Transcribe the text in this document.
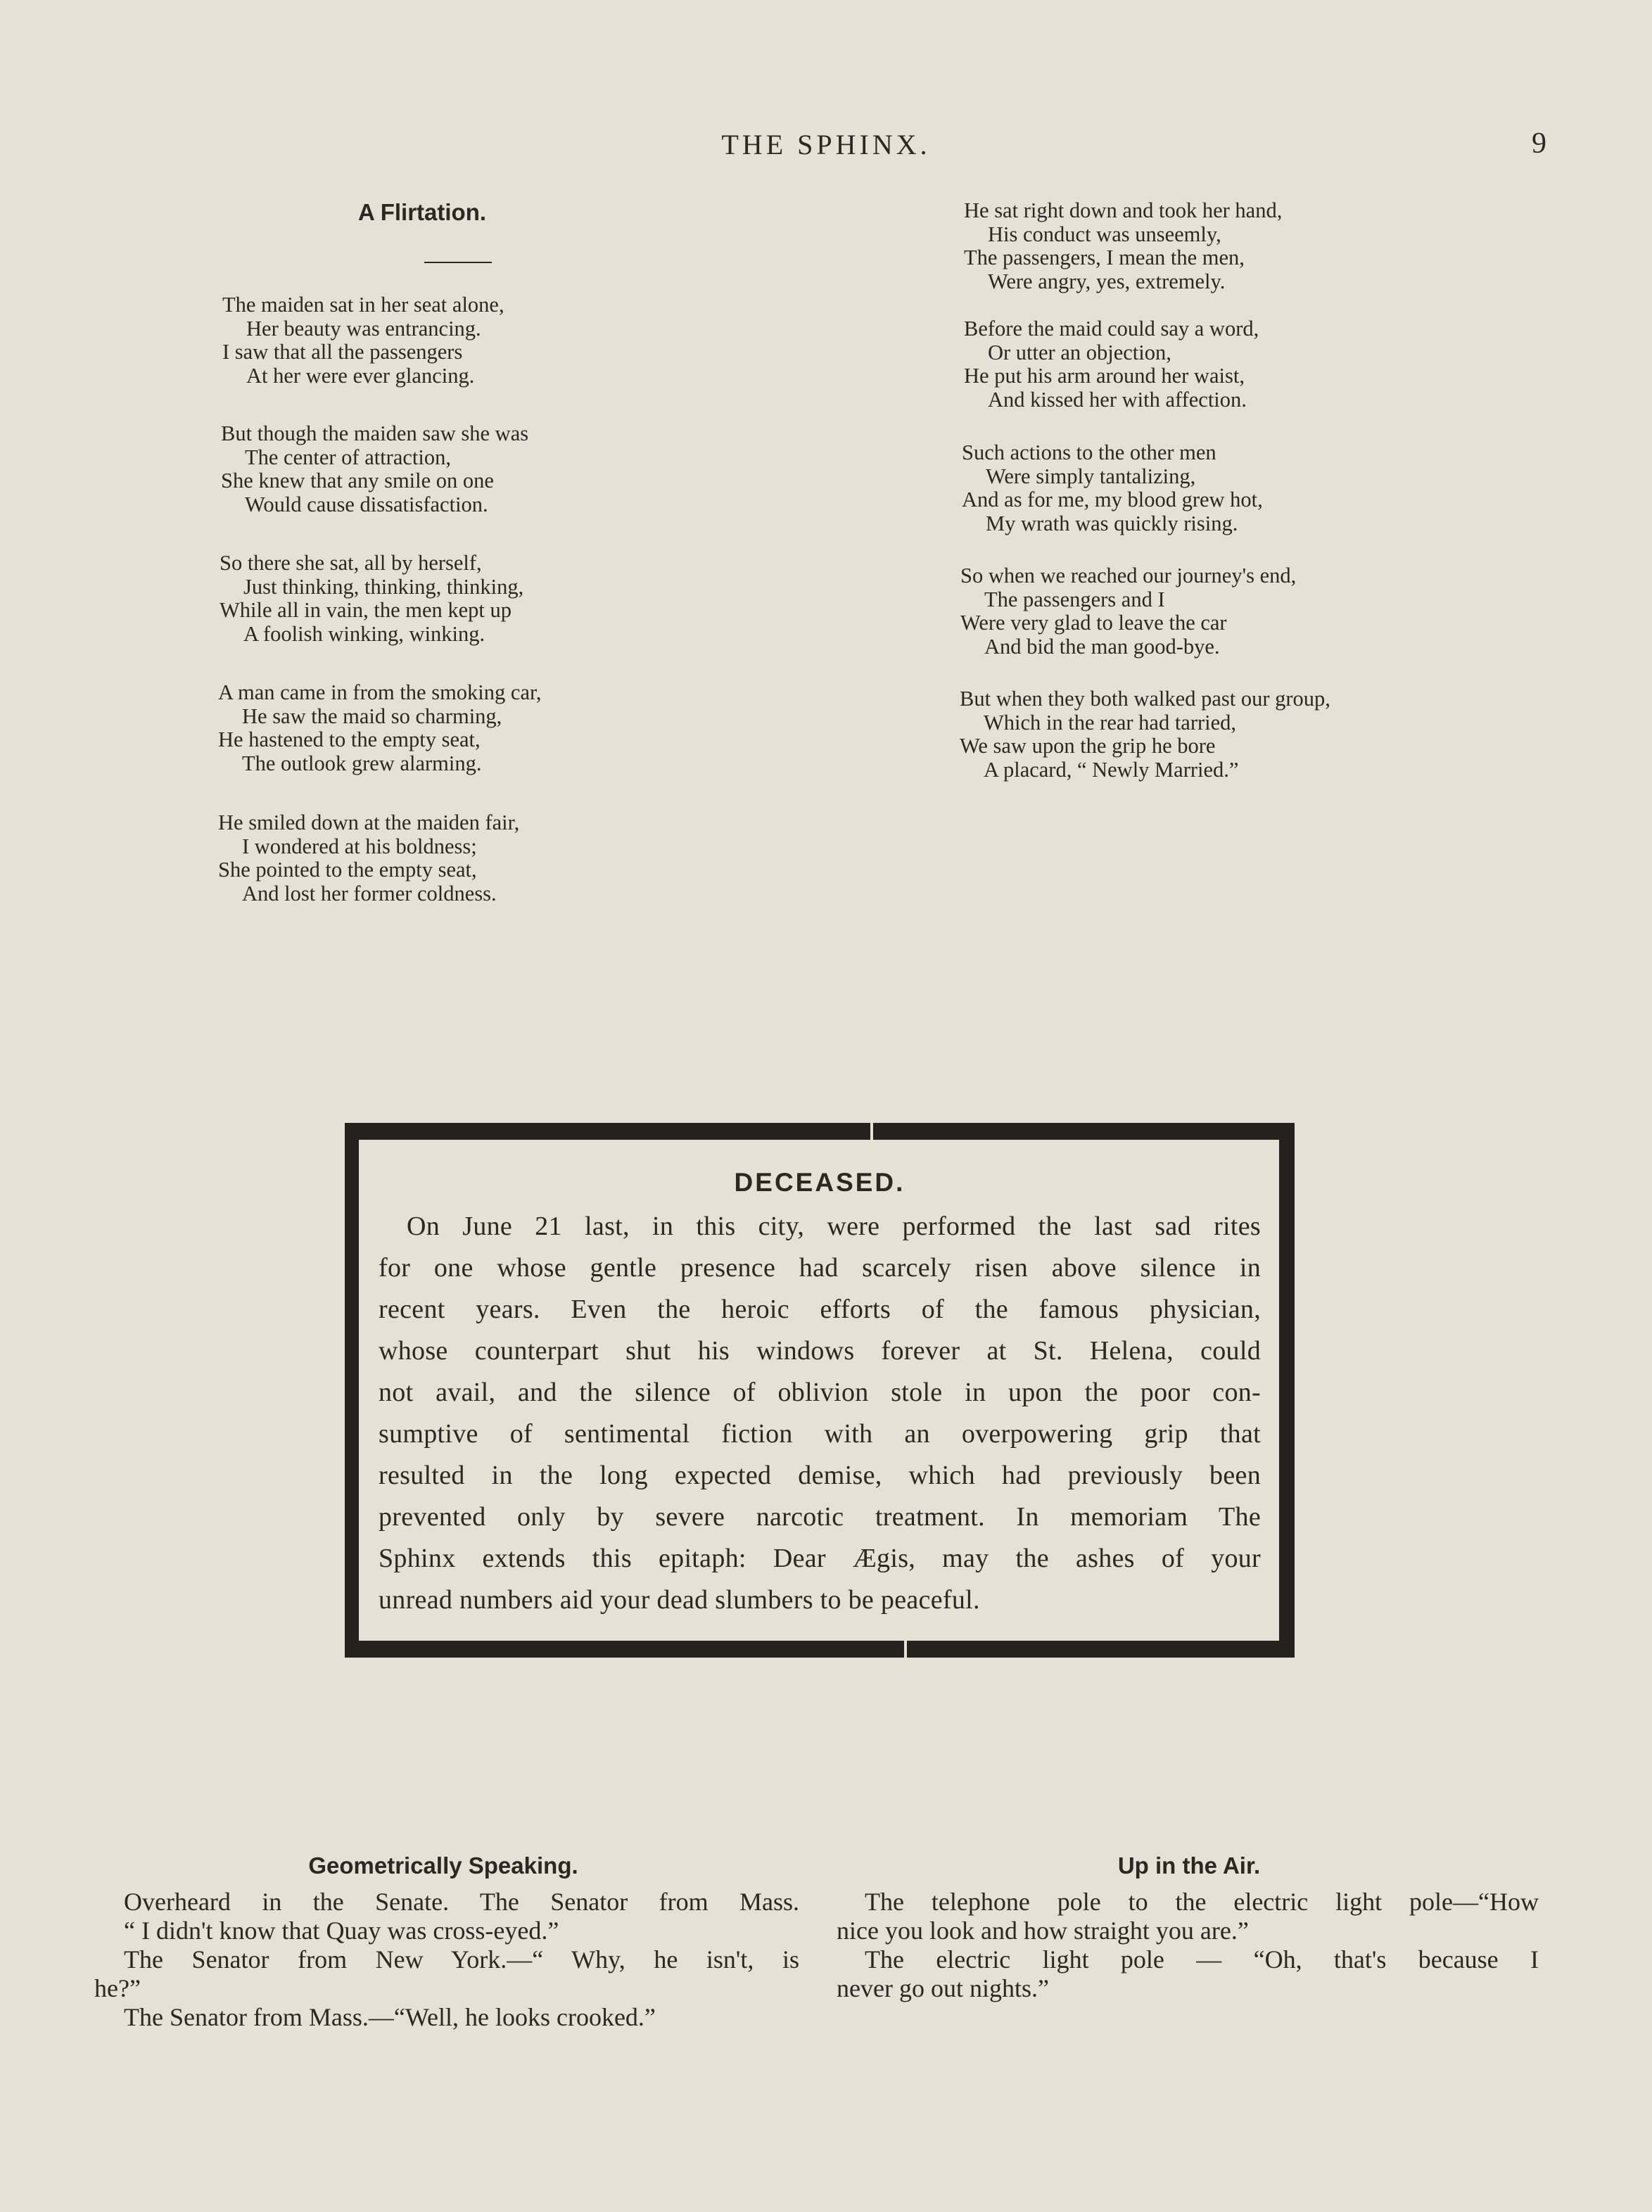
THE SPHINX.	9
A Flirtation.
The maiden sat in her seat alone,
Her beauty was entrancing.
I saw that all the passengers
At her were ever glancing.
But though the maiden saw she was
The center of attraction,
She knew that any smile on one
Would cause dissatisfaction.
So there she sat, all by herself,
Just thinking, thinking, thinking,
While all in vain, the men kept up
A foolish winking, winking.
A man came in from the smoking car,
He saw the maid so charming,
He hastened to the empty seat,
The outlook grew alarming.
He smiled down at the maiden fair,
I wondered at his boldness;
She pointed to the empty seat,
And lost her former coldness.
He sat right down and took her hand,
His conduct was unseemly,
The passengers, I mean the men,
Were angry, yes, extremely.
Before the maid could say a word,
Or utter an objection,
He put his arm around her waist,
And kissed her with affection.
Such actions to the other men
Were simply tantalizing,
And as for me, my blood grew hot,
My wrath was quickly rising.
So when we reached our journey's end,
The passengers and I
Were very glad to leave the car
And bid the man good-bye.
But when they both walked past our group,
Which in the rear had tarried,
We saw upon the grip he bore
A placard, “ Newly Married.”
DECEASED.
On June 21 last, in this city, were performed the last sad rites
for one whose gentle presence had scarcely risen above silence in
recent years. Even the heroic efforts of the famous physician,
whose counterpart shut his windows forever at St. Helena, could
not avail, and the silence of oblivion stole in upon the poor con-
sumptive of sentimental fiction with an overpowering grip that
resulted in the long expected demise, which had previously been
prevented only by severe narcotic treatment. In memoriam The
Sphinx extends this epitaph: Dear Ægis, may the ashes of your
unread numbers aid your dead slumbers to be peaceful.
Geometrically Speaking.
Overheard in the Senate. The Senator from Mass.
“ I didn't know that Quay was cross-eyed.”
The Senator from New York.—“ Why, he isn't, is
he?”
The Senator from Mass.—“Well, he looks crooked.”
Up in the Air.
The telephone pole to the electric light pole—“How
nice you look and how straight you are.”
The electric light pole — “Oh, that's because I
never go out nights.”
